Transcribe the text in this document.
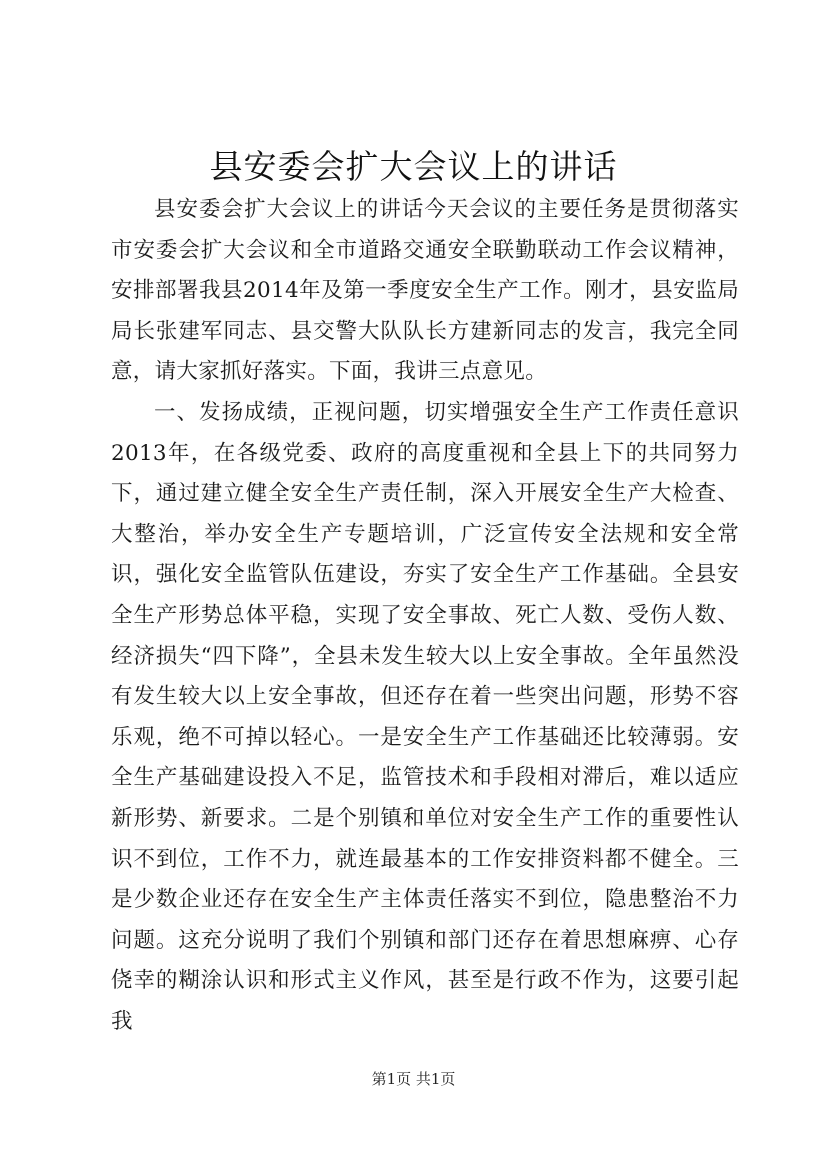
县安委会扩大会议上的讲话

县安委会扩大会议上的讲话今天会议的主要任务是贯彻落实市安委会扩大会议和全市道路交通安全联勤联动工作会议精神，安排部署我县2014年及第一季度安全生产工作。刚才，县安监局局长张建军同志、县交警大队队长方建新同志的发言，我完全同意，请大家抓好落实。下面，我讲三点意见。

一、发扬成绩，正视问题，切实增强安全生产工作责任意识2013年，在各级党委、政府的高度重视和全县上下的共同努力下，通过建立健全安全生产责任制，深入开展安全生产大检查、大整治，举办安全生产专题培训，广泛宣传安全法规和安全常识，强化安全监管队伍建设，夯实了安全生产工作基础。全县安全生产形势总体平稳，实现了安全事故、死亡人数、受伤人数、经济损失“四下降”，全县未发生较大以上安全事故。全年虽然没有发生较大以上安全事故，但还存在着一些突出问题，形势不容乐观，绝不可掉以轻心。一是安全生产工作基础还比较薄弱。安全生产基础建设投入不足，监管技术和手段相对滞后，难以适应新形势、新要求。二是个别镇和单位对安全生产工作的重要性认识不到位，工作不力，就连最基本的工作安排资料都不健全。三是少数企业还存在安全生产主体责任落实不到位，隐患整治不力问题。这充分说明了我们个别镇和部门还存在着思想麻痹、心存侥幸的糊涂认识和形式主义作风，甚至是行政不作为，这要引起我

第1页 共1页
